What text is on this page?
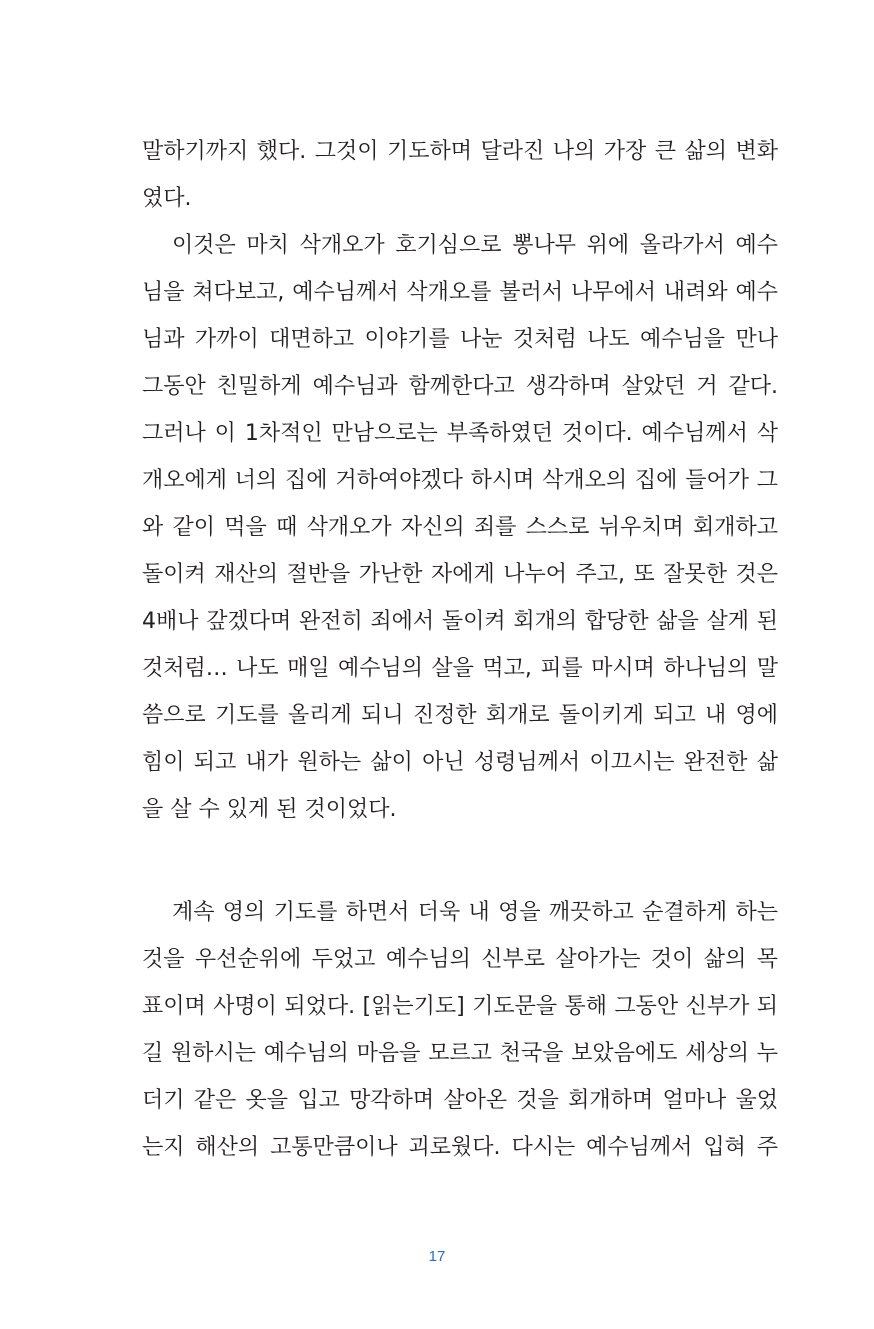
말하기까지 했다. 그것이 기도하며 달라진 나의 가장 큰 삶의 변화
였다.
이것은 마치 삭개오가 호기심으로 뽕나무 위에 올라가서 예수
님을 쳐다보고, 예수님께서 삭개오를 불러서 나무에서 내려와 예수
님과 가까이 대면하고 이야기를 나눈 것처럼 나도 예수님을 만나
그동안 친밀하게 예수님과 함께한다고 생각하며 살았던 거 같다.
그러나 이 1차적인 만남으로는 부족하였던 것이다. 예수님께서 삭
개오에게 너의 집에 거하여야겠다 하시며 삭개오의 집에 들어가 그
와 같이 먹을 때 삭개오가 자신의 죄를 스스로 뉘우치며 회개하고
돌이켜 재산의 절반을 가난한 자에게 나누어 주고, 또 잘못한 것은
4배나 갚겠다며 완전히 죄에서 돌이켜 회개의 합당한 삶을 살게 된
것처럼… 나도 매일 예수님의 살을 먹고, 피를 마시며 하나님의 말
씀으로 기도를 올리게 되니 진정한 회개로 돌이키게 되고 내 영에
힘이 되고 내가 원하는 삶이 아닌 성령님께서 이끄시는 완전한 삶
을 살 수 있게 된 것이었다.
계속 영의 기도를 하면서 더욱 내 영을 깨끗하고 순결하게 하는
것을 우선순위에 두었고 예수님의 신부로 살아가는 것이 삶의 목
표이며 사명이 되었다. [읽는기도] 기도문을 통해 그동안 신부가 되
길 원하시는 예수님의 마음을 모르고 천국을 보았음에도 세상의 누
더기 같은 옷을 입고 망각하며 살아온 것을 회개하며 얼마나 울었
는지 해산의 고통만큼이나 괴로웠다. 다시는 예수님께서 입혀 주
17
